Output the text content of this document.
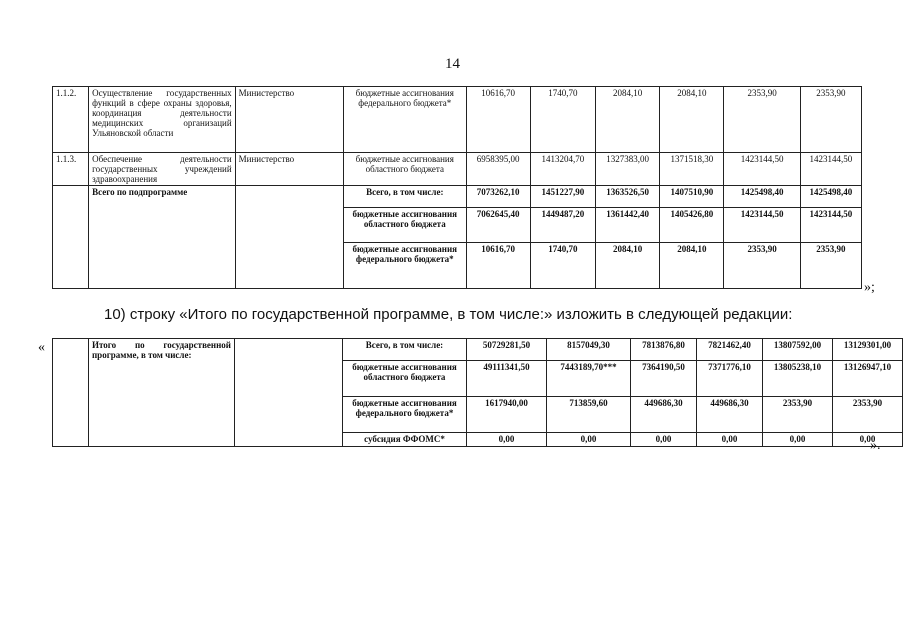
14
1.1.2.	Осуществление государственных функций в сфере охраны здоровья, координация деятельности медицинских организаций Ульяновской области	Министерство	бюджетные ассигнования федерального бюджета*	10616,70	1740,70	2084,10	2084,10	2353,90	2353,90
1.1.3.	Обеспечение деятельности государственных учреждений здравоохранения	Министерство	бюджетные ассигнования областного бюджета	6958395,00	1413204,70	1327383,00	1371518,30	1423144,50	1423144,50
	Всего по подпрограмме		Всего, в том числе:	7073262,10	1451227,90	1363526,50	1407510,90	1425498,40	1425498,40
			бюджетные ассигнования областного бюджета	7062645,40	1449487,20	1361442,40	1405426,80	1423144,50	1423144,50
			бюджетные ассигнования федерального бюджета*	10616,70	1740,70	2084,10	2084,10	2353,90	2353,90
»;
10) строку «Итого по государственной программе, в том числе:» изложить в следующей редакции:
«
		Итого по государственной программе, в том числе:		Всего, в том числе:	50729281,50	8157049,30	7813876,80	7821462,40	13807592,00	13129301,00
			бюджетные ассигнования областного бюджета	49111341,50	7443189,70***	7364190,50	7371776,10	13805238,10	13126947,10
			бюджетные ассигнования федерального бюджета*	1617940,00	713859,60	449686,30	449686,30	2353,90	2353,90
			субсидия ФФОМС*	0,00	0,00	0,00	0,00	0,00	0,00
».
